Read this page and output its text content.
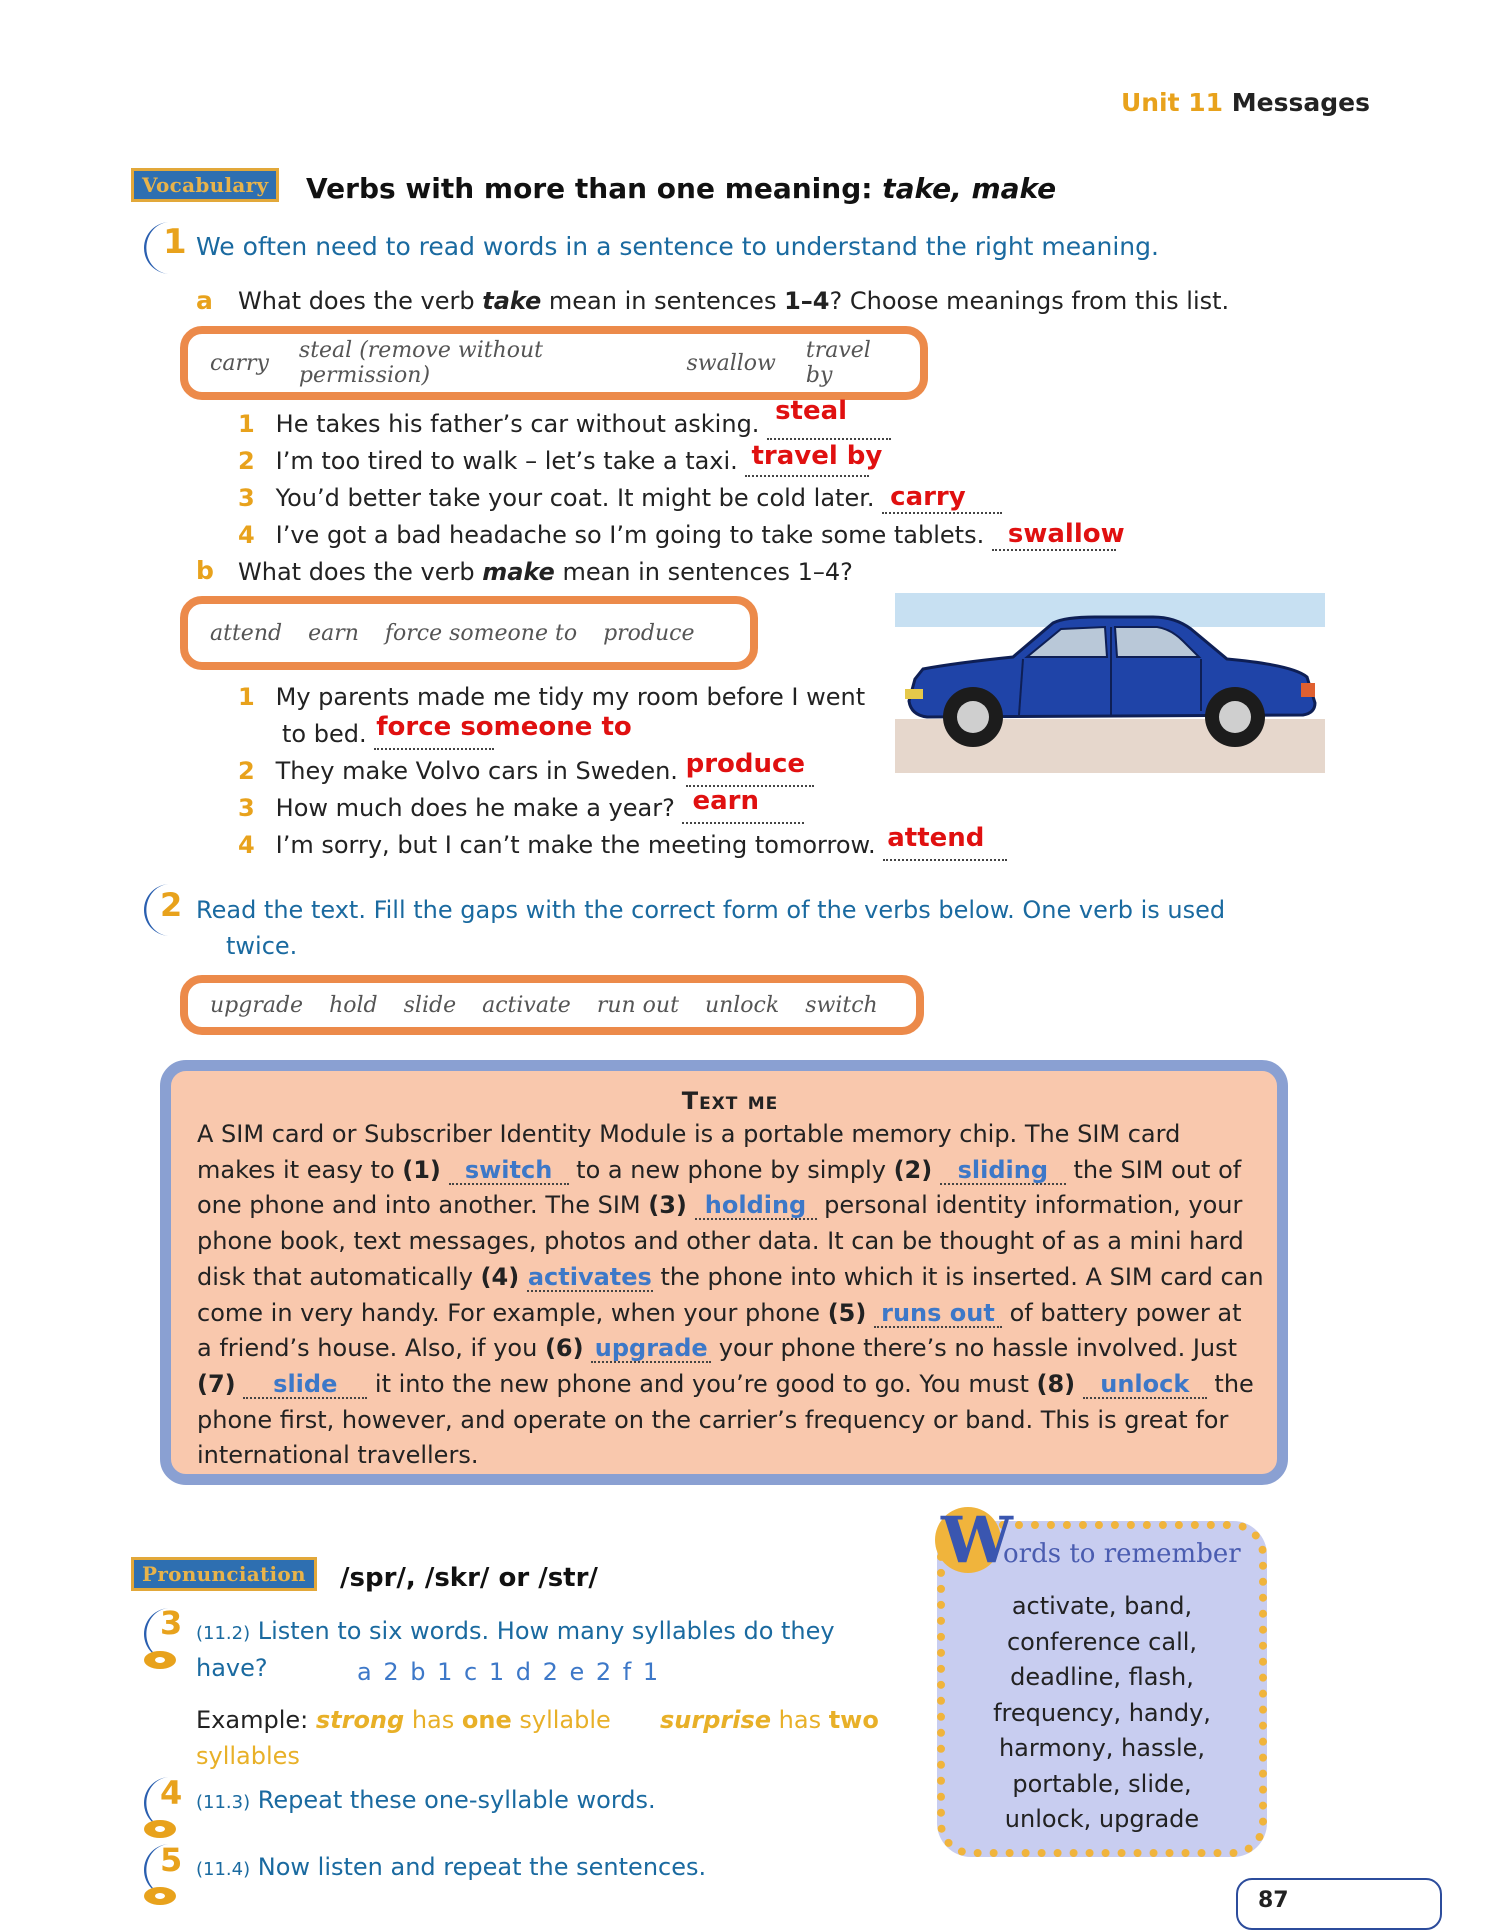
Unit 11 Messages
Vocabulary	Verbs with more than one meaning: take, make
1 We often need to read words in a sentence to understand the right meaning.
a What does the verb take mean in sentences 1–4? Choose meanings from this list.
carry steal (remove without permission)	swallow travel by
1 He takes his father’s car without asking. steal

2 I’m too tired to walk – let’s take a taxi. travel by

3 You’d better take your coat. It might be cold later. carry

4 I’ve got a bad headache so I’m going to take some tablets. swallow

b What does the verb make mean in sentences 1–4?
attend earn force someone to produce
1 My parents made me tidy my room before I went
to bed. force someone to

2 They make Volvo cars in Sweden. produce

3 How much does he make a year? earn

4 I’m sorry, but I can’t make the meeting tomorrow. attend

2 Read the text. Fill the gaps with the correct form of the verbs below. One verb is used
twice.
upgrade hold slide activate run out unlock switch
Text me
A SIM card or Subscriber Identity Module is a portable memory chip. The SIM card
makes it easy to (1) switch to a new phone by simply (2) sliding the SIM out of
one phone and into another. The SIM (3) holding personal identity information, your
phone book, text messages, photos and other data. It can be thought of as a mini hard
disk that automatically (4) activates the phone into which it is inserted. A SIM card can
come in very handy. For example, when your phone (5) runs out of battery power at
a friend’s house. Also, if you (6) upgrade your phone there’s no hassle involved. Just
(7) slide it into the new phone and you’re good to go. You must (8) unlock the
phone first, however, and operate on the carrier’s frequency or band. This is great for
international travellers.
Pronunciation	/spr/, /skr/ or /str/
3 (11.2) Listen to six words. How many syllables do they
have?	a 2 b 1 c 1 d 2 e 2 f 1
Example: strong has one syllable surprise has two
syllables
4 (11.3) Repeat these one-syllable words.
5 (11.4) Now listen and repeat the sentences.
W
ords to remember
activate, band,
conference call,
deadline, flash,
frequency, handy,
harmony, hassle,
portable, slide,
unlock, upgrade
87
